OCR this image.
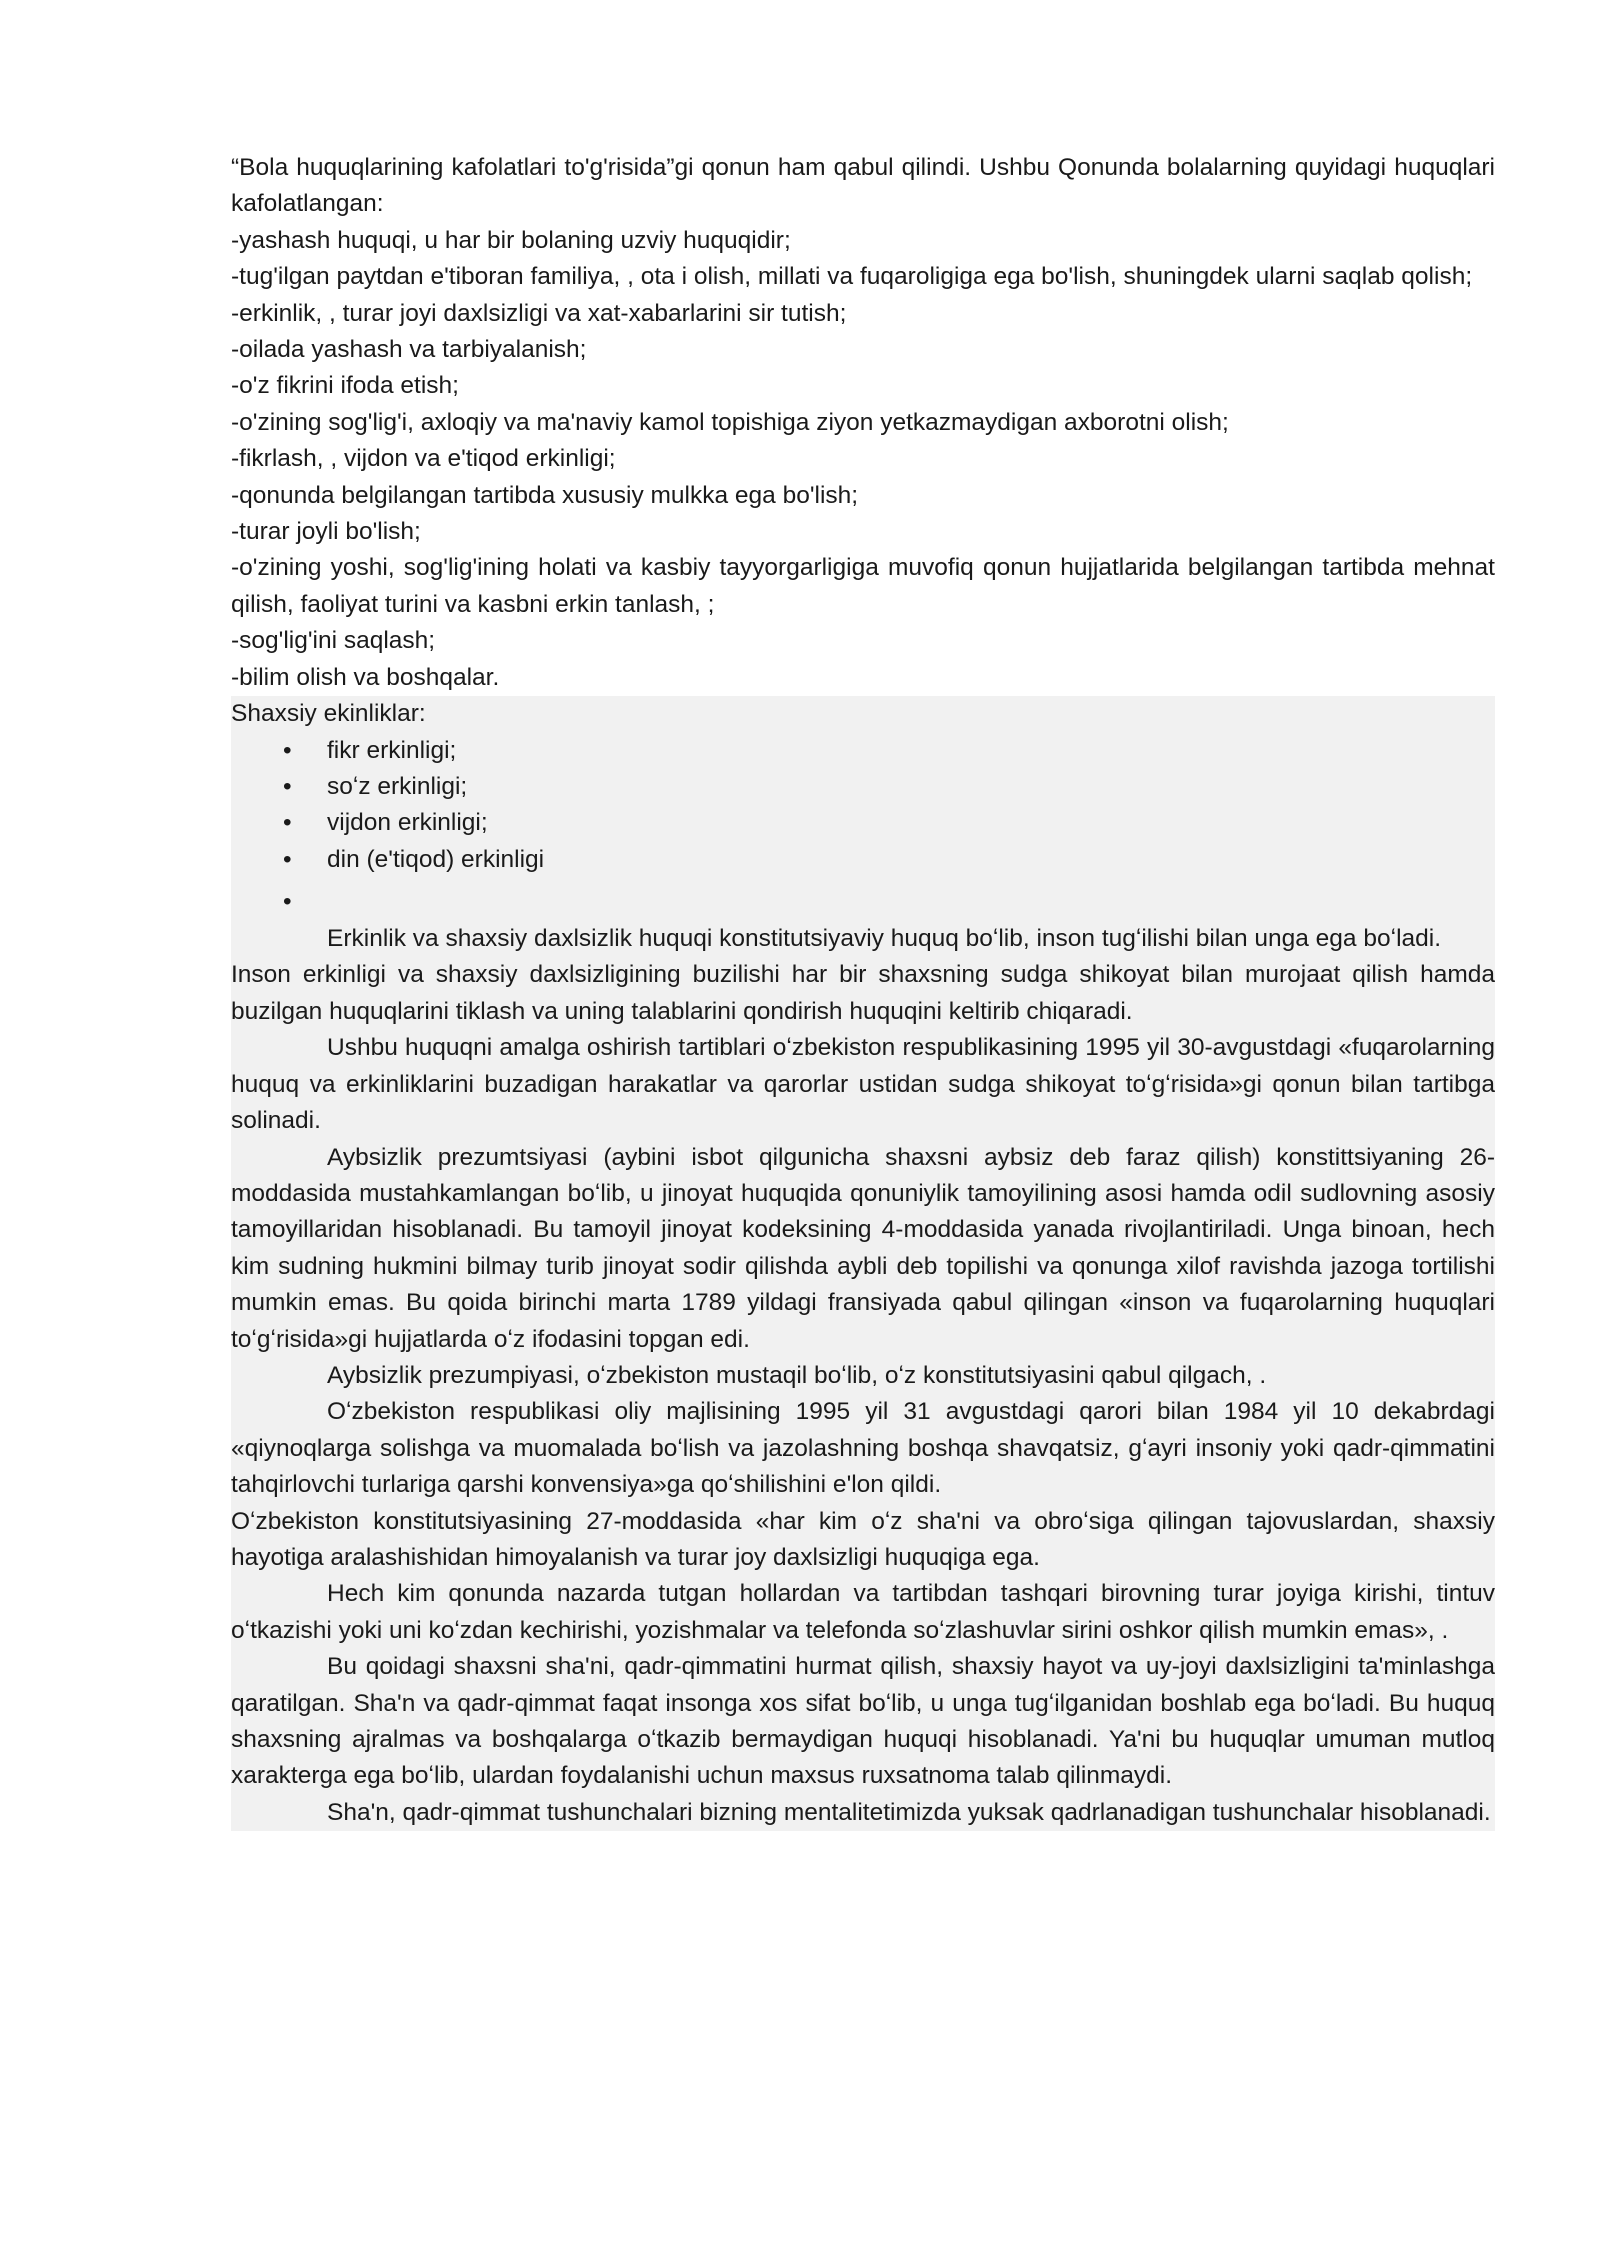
“Bola huquqlarining kafolatlari to'g'risida”gi qonun ham qabul qilindi. Ushbu Qonunda bolalarning quyidagi huquqlari kafolatlangan:

-yashash huquqi, u har bir bolaning uzviy huquqidir;

-tug'ilgan paytdan e'tiboran familiya, , ota i olish, millati va fuqaroligiga ega bo'lish, shuningdek ularni saqlab qolish;

-erkinlik, , turar joyi daxlsizligi va xat-xabarlarini sir tutish;

-oilada yashash va tarbiyalanish;

-o'z fikrini ifoda etish;

-o'zining sog'lig'i, axloqiy va ma'naviy kamol topishiga ziyon yetkazmaydigan axborotni olish;

-fikrlash, , vijdon va e'tiqod erkinligi;

-qonunda belgilangan tartibda xususiy mulkka ega bo'lish;

-turar joyli bo'lish;

-o'zining yoshi, sog'lig'ining holati va kasbiy tayyorgarligiga muvofiq qonun hujjatlarida belgilangan tartibda mehnat qilish, faoliyat turini va kasbni erkin tanlash, ;

-sog'lig'ini saqlash;

-bilim olish va boshqalar.

Shaxsiy ekinliklar:

• fikr erkinligi;
• soʻz erkinligi;
• vijdon erkinligi;
• din (e'tiqod) erkinligi
•

Erkinlik va shaxsiy daxlsizlik huquqi konstitutsiyaviy huquq boʻlib, inson tugʻilishi bilan unga ega boʻladi.

Inson erkinligi va shaxsiy daxlsizligining buzilishi har bir shaxsning sudga shikoyat bilan murojaat qilish hamda buzilgan huquqlarini tiklash va uning talablarini qondirish huquqini keltirib chiqaradi.

Ushbu huquqni amalga oshirish tartiblari oʻzbekiston respublikasining 1995 yil 30-avgustdagi «fuqarolarning huquq va erkinliklarini buzadigan harakatlar va qarorlar ustidan sudga shikoyat toʻgʻrisida»gi qonun bilan tartibga solinadi.

Aybsizlik prezumtsiyasi (aybini isbot qilgunicha shaxsni aybsiz deb faraz qilish) konstittsiyaning 26-moddasida mustahkamlangan boʻlib, u jinoyat huquqida qonuniylik tamoyilining asosi hamda odil sudlovning asosiy tamoyillaridan hisoblanadi. Bu tamoyil jinoyat kodeksining 4-moddasida yanada rivojlantiriladi. Unga binoan, hech kim sudning hukmini bilmay turib jinoyat sodir qilishda aybli deb topilishi va qonunga xilof ravishda jazoga tortilishi mumkin emas. Bu qoida birinchi marta 1789 yildagi fransiyada qabul qilingan «inson va fuqarolarning huquqlari toʻgʻrisida»gi hujjatlarda oʻz ifodasini topgan edi.

Aybsizlik prezumpiyasi, oʻzbekiston mustaqil boʻlib, oʻz konstitutsiyasini qabul qilgach, .

Oʻzbekiston respublikasi oliy majlisining 1995 yil 31 avgustdagi qarori bilan 1984 yil 10 dekabrdagi «qiynoqlarga solishga va muomalada boʻlish va jazolashning boshqa shavqatsiz, gʻayri insoniy yoki qadr-qimmatini tahqirlovchi turlariga qarshi konvensiya»ga qoʻshilishini e'lon qildi.

Oʻzbekiston konstitutsiyasining 27-moddasida «har kim oʻz sha'ni va obroʻsiga qilingan tajovuslardan, shaxsiy hayotiga aralashishidan himoyalanish va turar joy daxlsizligi huquqiga ega.

Hech kim qonunda nazarda tutgan hollardan va tartibdan tashqari birovning turar joyiga kirishi, tintuv oʻtkazishi yoki uni koʻzdan kechirishi, yozishmalar va telefonda soʻzlashuvlar sirini oshkor qilish mumkin emas», .

Bu qoidagi shaxsni sha'ni, qadr-qimmatini hurmat qilish, shaxsiy hayot va uy-joyi daxlsizligini ta'minlashga qaratilgan. Sha'n va qadr-qimmat faqat insonga xos sifat boʻlib, u unga tugʻilganidan boshlab ega boʻladi. Bu huquq shaxsning ajralmas va boshqalarga oʻtkazib bermaydigan huquqi hisoblanadi. Ya'ni bu huquqlar umuman mutloq xarakterga ega boʻlib, ulardan foydalanishi uchun maxsus ruxsatnoma talab qilinmaydi.

Sha'n, qadr-qimmat tushunchalari bizning mentalitetimizda yuksak qadrlanadigan tushunchalar hisoblanadi.
